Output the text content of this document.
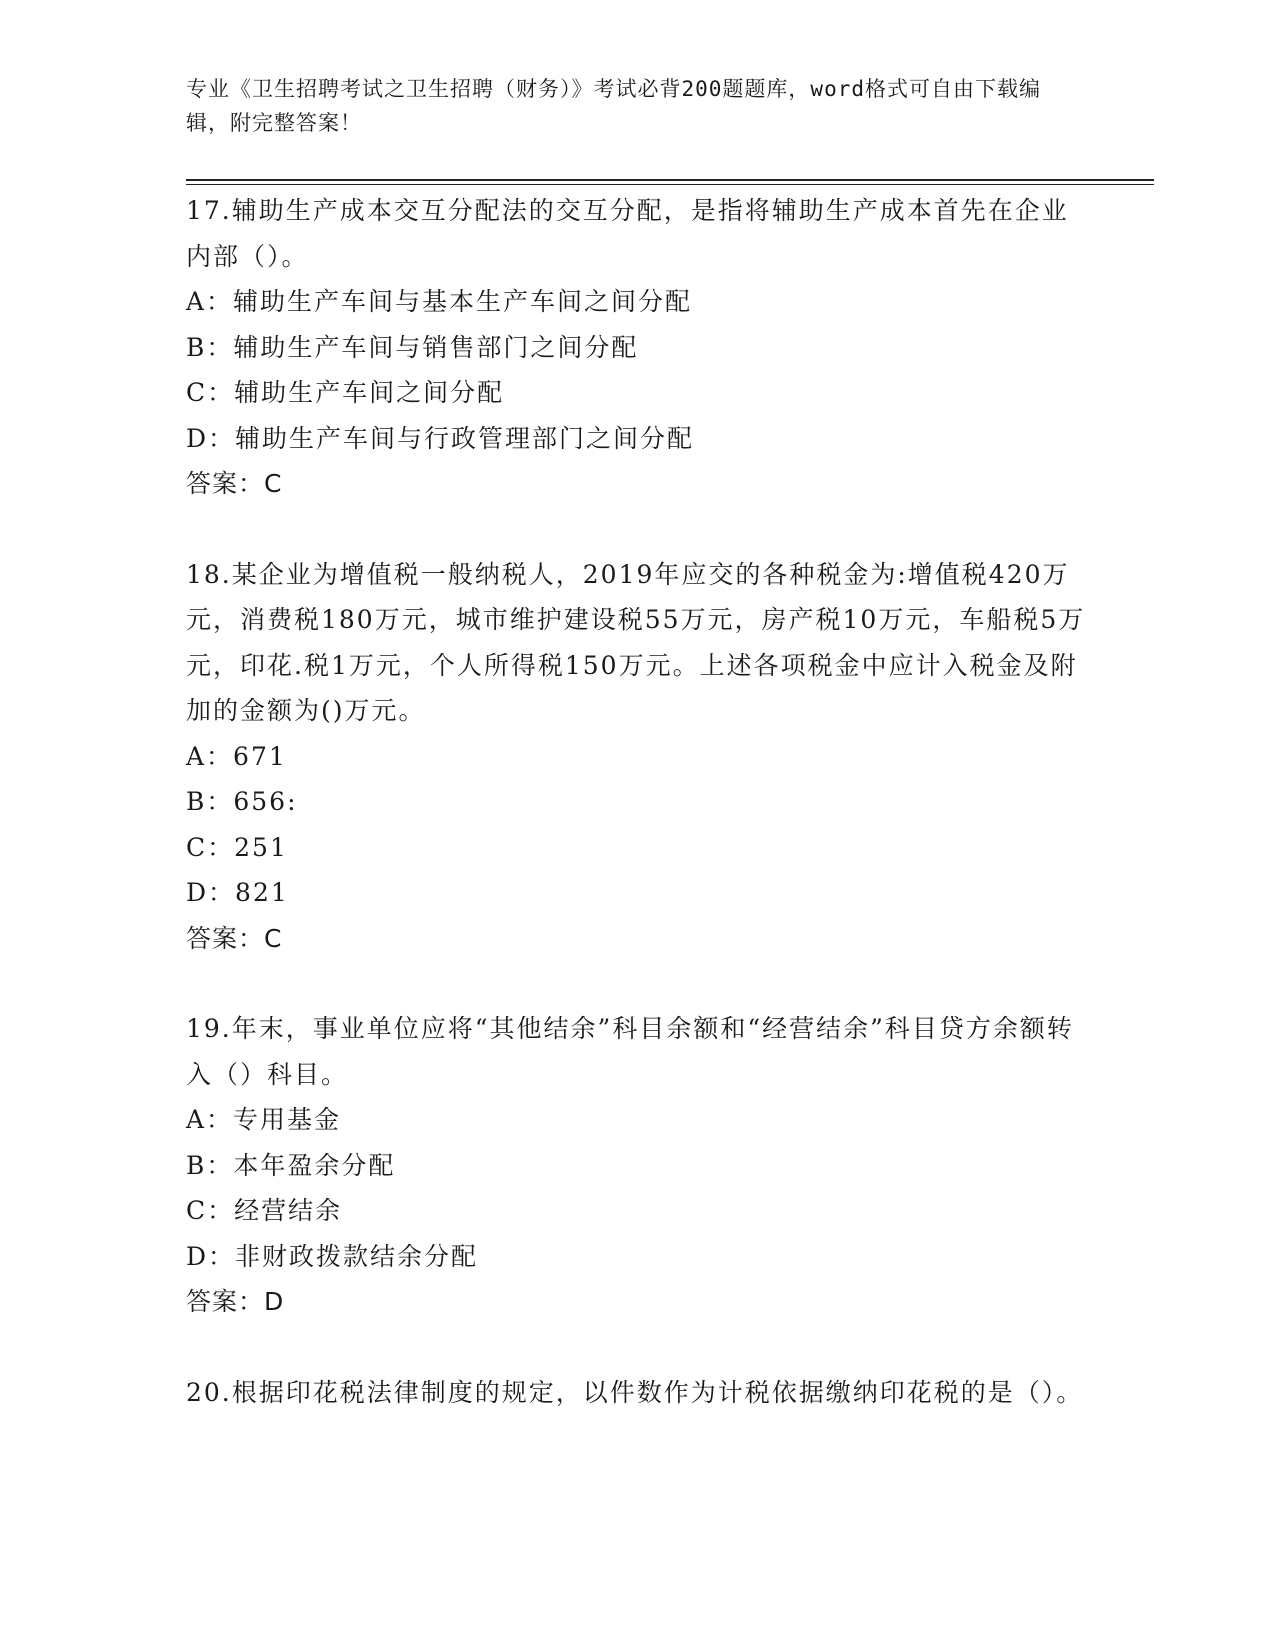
专业《卫生招聘考试之卫生招聘（财务）》考试必背200题题库，word格式可自由下载编辑，附完整答案！
17.辅助生产成本交互分配法的交互分配，是指将辅助生产成本首先在企业内部（）。
A：辅助生产车间与基本生产车间之间分配
B：辅助生产车间与销售部门之间分配
C：辅助生产车间之间分配
D：辅助生产车间与行政管理部门之间分配
答案：C
18.某企业为增值税一般纳税人，2019年应交的各种税金为:增值税420万元，消费税180万元，城市维护建设税55万元，房产税10万元，车船税5万元，印花.税1万元，个人所得税150万元。上述各项税金中应计入税金及附加的金额为()万元。
A：671
B：656:
C：251
D：821
答案：C
19.年末，事业单位应将“其他结余”科目余额和“经营结余”科目贷方余额转入（）科目。
A：专用基金
B：本年盈余分配
C：经营结余
D：非财政拨款结余分配
答案：D
20.根据印花税法律制度的规定，以件数作为计税依据缴纳印花税的是（）。
